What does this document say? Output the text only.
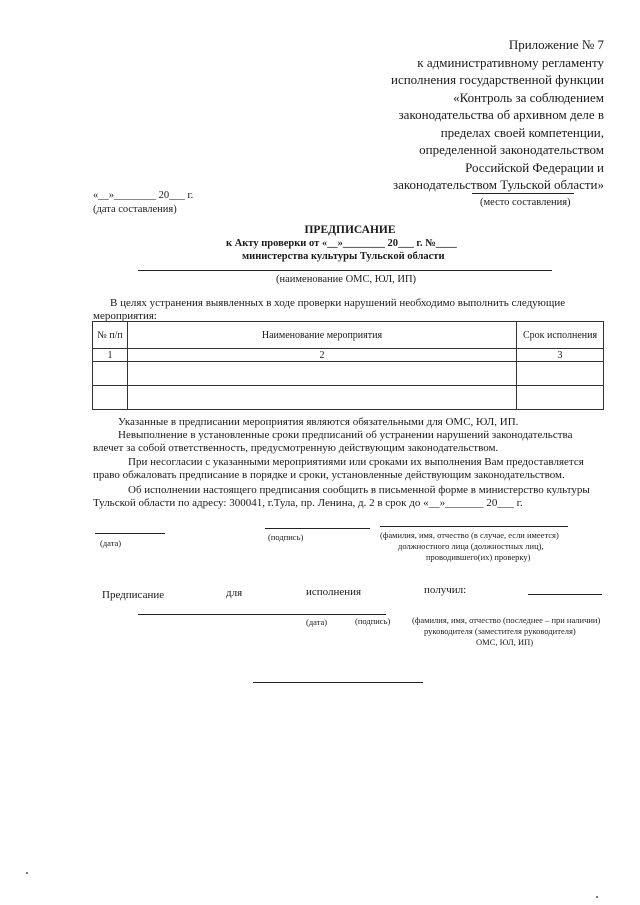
Приложение № 7
к административному регламенту
исполнения государственной функции
«Контроль за соблюдением
законодательства об архивном деле в
пределах своей компетенции,
определенной законодательством
Российской Федерации и
законодательством Тульской области»
«__»________ 20___ г.
(дата составления)
(место составления)
ПРЕДПИСАНИЕ
к Акту проверки от «__»________ 20___ г. №____
министерства культуры Тульской области
(наименование ОМС, ЮЛ, ИП)
В целях устранения выявленных в ходе проверки нарушений необходимо выполнить следующие
мероприятия:
№ п/п	Наименование мероприятия	Срок исполнения
1	2	3

Указанные в предписании мероприятия являются обязательными для ОМС, ЮЛ, ИП.
Невыполнение в установленные сроки предписаний об устранении нарушений законодательства
влечет за собой ответственность, предусмотренную действующим законодательством.
При несогласии с указанными мероприятиями или сроками их выполнения Вам предоставляется
право обжаловать предписание в порядке и сроки, установленные действующим законодательством.
Об исполнении настоящего предписания сообщить в письменной форме в министерство культуры
Тульской области по адресу: 300041, г.Тула, пр. Ленина, д. 2 в срок до «__»_______ 20___ г.
(дата)
(подпись)	(фамилия, имя, отчество (в случае, если имеется)
должностного лица (должностных лиц),
проводившего(их) проверку)
Предписание	для	исполнения	получил:
(дата)	(подпись)	(фамилия, имя, отчество (последнее – при наличии)
руководителя (заместителя руководителя)
ОМС, ЮЛ, ИП)
